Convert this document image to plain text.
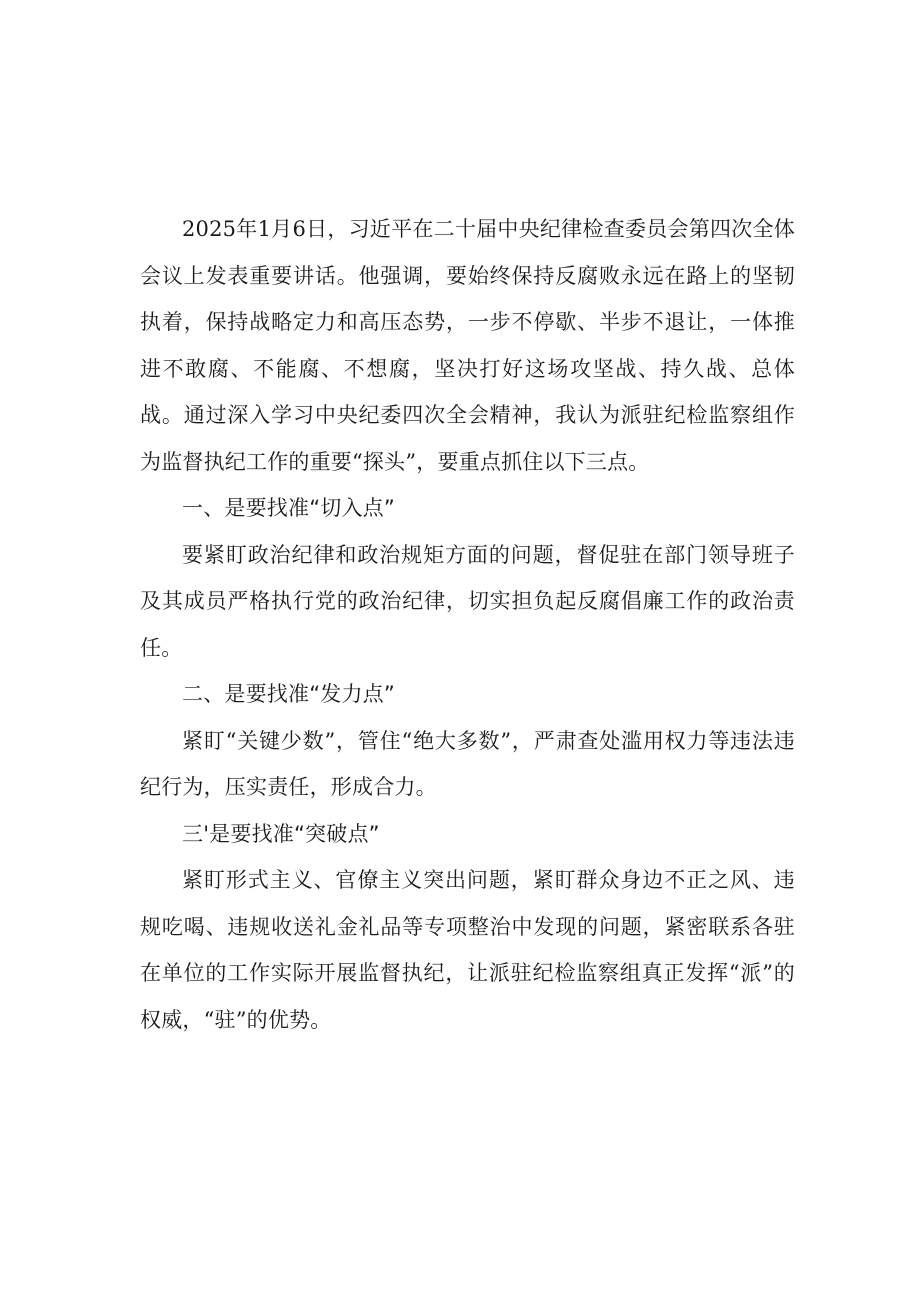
2025年1月6日，习近平在二十届中央纪律检查委员会第四次全体会议上发表重要讲话。他强调，要始终保持反腐败永远在路上的坚韧执着，保持战略定力和高压态势，一步不停歇、半步不退让，一体推进不敢腐、不能腐、不想腐，坚决打好这场攻坚战、持久战、总体战。通过深入学习中央纪委四次全会精神，我认为派驻纪检监察组作为监督执纪工作的重要“探头”，要重点抓住以下三点。

一、是要找准“切入点”

要紧盯政治纪律和政治规矩方面的问题，督促驻在部门领导班子及其成员严格执行党的政治纪律，切实担负起反腐倡廉工作的政治责任。

二、是要找准“发力点”

紧盯“关键少数”，管住“绝大多数”，严肃查处滥用权力等违法违纪行为，压实责任，形成合力。

三'是要找准“突破点”

紧盯形式主义、官僚主义突出问题，紧盯群众身边不正之风、违规吃喝、违规收送礼金礼品等专项整治中发现的问题，紧密联系各驻在单位的工作实际开展监督执纪，让派驻纪检监察组真正发挥“派”的权威，“驻”的优势。
